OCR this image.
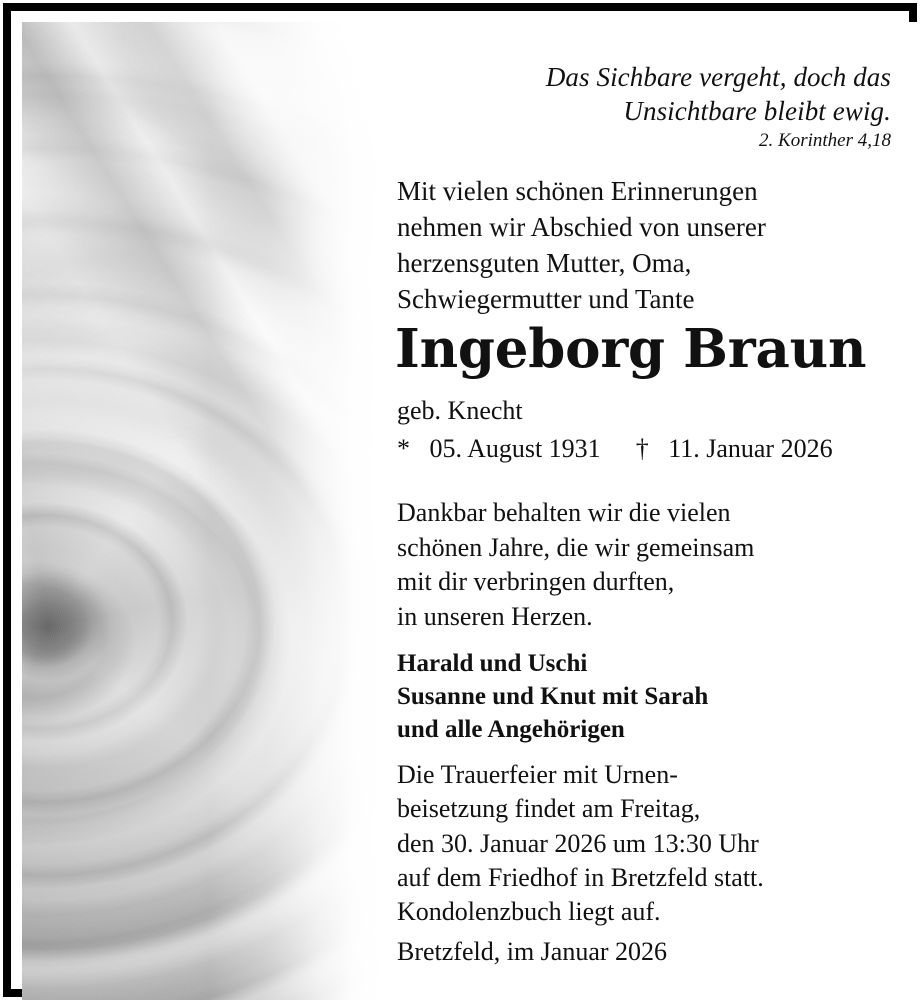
Das Sichbare vergeht, doch das
Unsichtbare bleibt ewig.
2. Korinther 4,18
Mit vielen schönen Erinnerungen
nehmen wir Abschied von unserer
herzensguten Mutter, Oma,
Schwiegermutter und Tante
Ingeborg Braun
geb. Knecht
* 05. August 1931 † 11. Januar 2026
Dankbar behalten wir die vielen
schönen Jahre, die wir gemeinsam
mit dir verbringen durften,
in unseren Herzen.
Harald und Uschi
Susanne und Knut mit Sarah
und alle Angehörigen
Die Trauerfeier mit Urnen-
beisetzung findet am Freitag,
den 30. Januar 2026 um 13:30 Uhr
auf dem Friedhof in Bretzfeld statt.
Kondolenzbuch liegt auf.
Bretzfeld, im Januar 2026
